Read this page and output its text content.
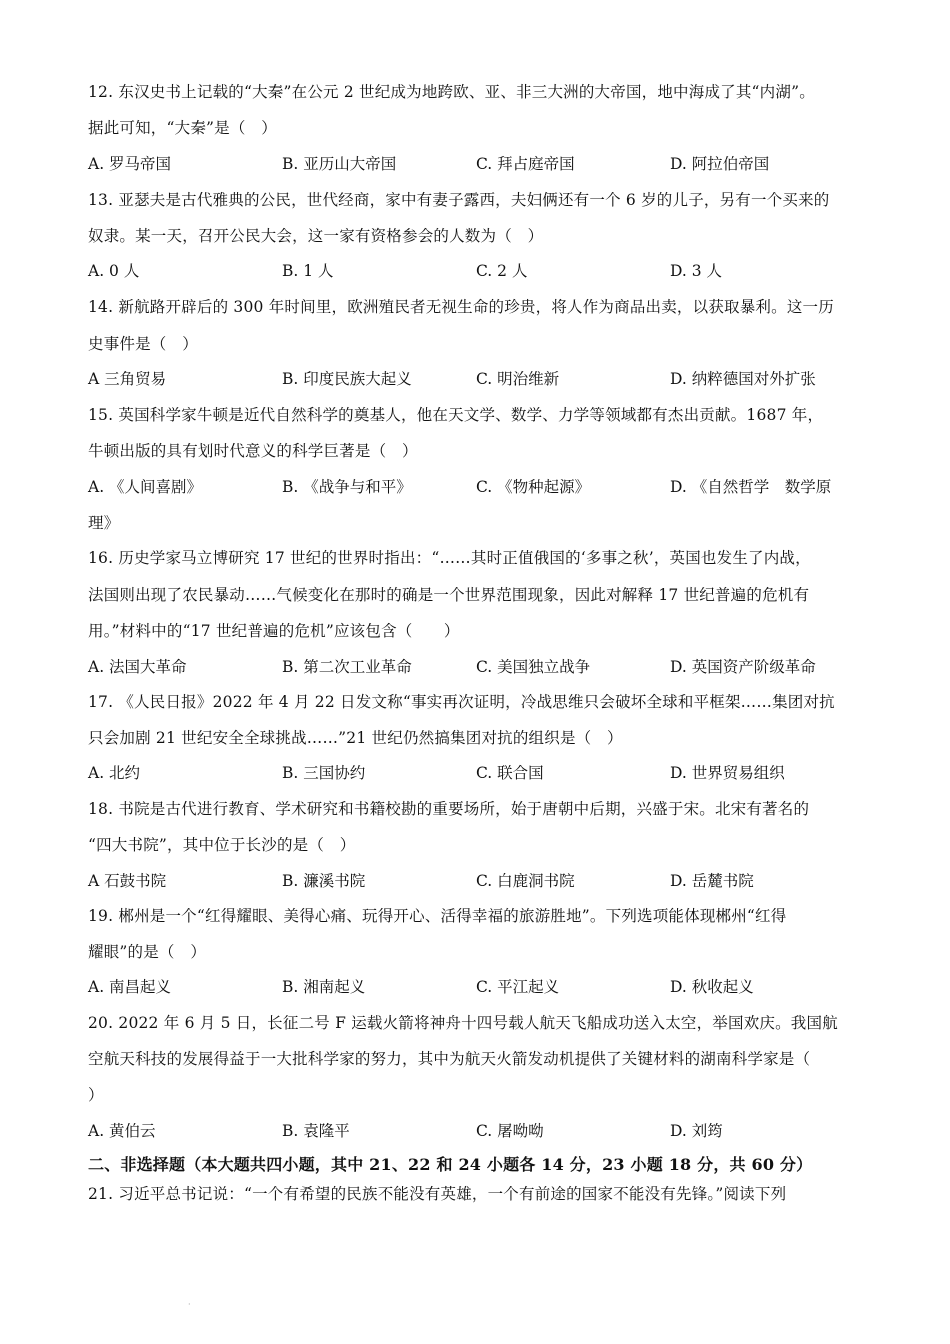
12. 东汉史书上记载的“大秦”在公元 2 世纪成为地跨欧、亚、非三大洲的大帝国，地中海成了其“内湖”。
据此可知，“大秦”是（　）
A. 罗马帝国	B. 亚历山大帝国	C. 拜占庭帝国	D. 阿拉伯帝国
13. 亚瑟夫是古代雅典的公民，世代经商，家中有妻子露西，夫妇俩还有一个 6 岁的儿子，另有一个买来的
奴隶。某一天，召开公民大会，这一家有资格参会的人数为（　）
A. 0 人	B. 1 人	C. 2 人	D. 3 人
14. 新航路开辟后的 300 年时间里，欧洲殖民者无视生命的珍贵，将人作为商品出卖，以获取暴利。这一历
史事件是（　）
A 三角贸易	B. 印度民族大起义	C. 明治维新	D. 纳粹德国对外扩张
15. 英国科学家牛顿是近代自然科学的奠基人，他在天文学、数学、力学等领域都有杰出贡献。1687 年，
牛顿出版的具有划时代意义的科学巨著是（　）
A. 《人间喜剧》	B. 《战争与和平》	C. 《物种起源》	D. 《自然哲学　数学原
理》
16. 历史学家马立博研究 17 世纪的世界时指出：“……其时正值俄国的‘多事之秋’，英国也发生了内战，
法国则出现了农民暴动……气候变化在那时的确是一个世界范围现象，因此对解释 17 世纪普遍的危机有
用。”材料中的“17 世纪普遍的危机”应该包含（　　）
A. 法国大革命	B. 第二次工业革命	C. 美国独立战争	D. 英国资产阶级革命
17. 《人民日报》2022 年 4 月 22 日发文称“事实再次证明，冷战思维只会破坏全球和平框架……集团对抗
只会加剧 21 世纪安全全球挑战……”21 世纪仍然搞集团对抗的组织是（　）
A. 北约	B. 三国协约	C. 联合国	D. 世界贸易组织
18. 书院是古代进行教育、学术研究和书籍校勘的重要场所，始于唐朝中后期，兴盛于宋。北宋有著名的
“四大书院”，其中位于长沙的是（　）
A 石鼓书院	B. 濂溪书院	C. 白鹿洞书院	D. 岳麓书院
19. 郴州是一个“红得耀眼、美得心痛、玩得开心、活得幸福的旅游胜地”。下列选项能体现郴州“红得
耀眼”的是（　）
A. 南昌起义	B. 湘南起义	C. 平江起义	D. 秋收起义
20. 2022 年 6 月 5 日，长征二号 F 运载火箭将神舟十四号载人航天飞船成功送入太空，举国欢庆。我国航
空航天科技的发展得益于一大批科学家的努力，其中为航天火箭发动机提供了关键材料的湖南科学家是（
）
A. 黄伯云	B. 袁隆平	C. 屠呦呦	D. 刘筠
二、非选择题（本大题共四小题，其中 21、22 和 24 小题各 14 分，23 小题 18 分，共 60 分）
21. 习近平总书记说：“一个有希望的民族不能没有英雄，一个有前途的国家不能没有先锋。”阅读下列
·
